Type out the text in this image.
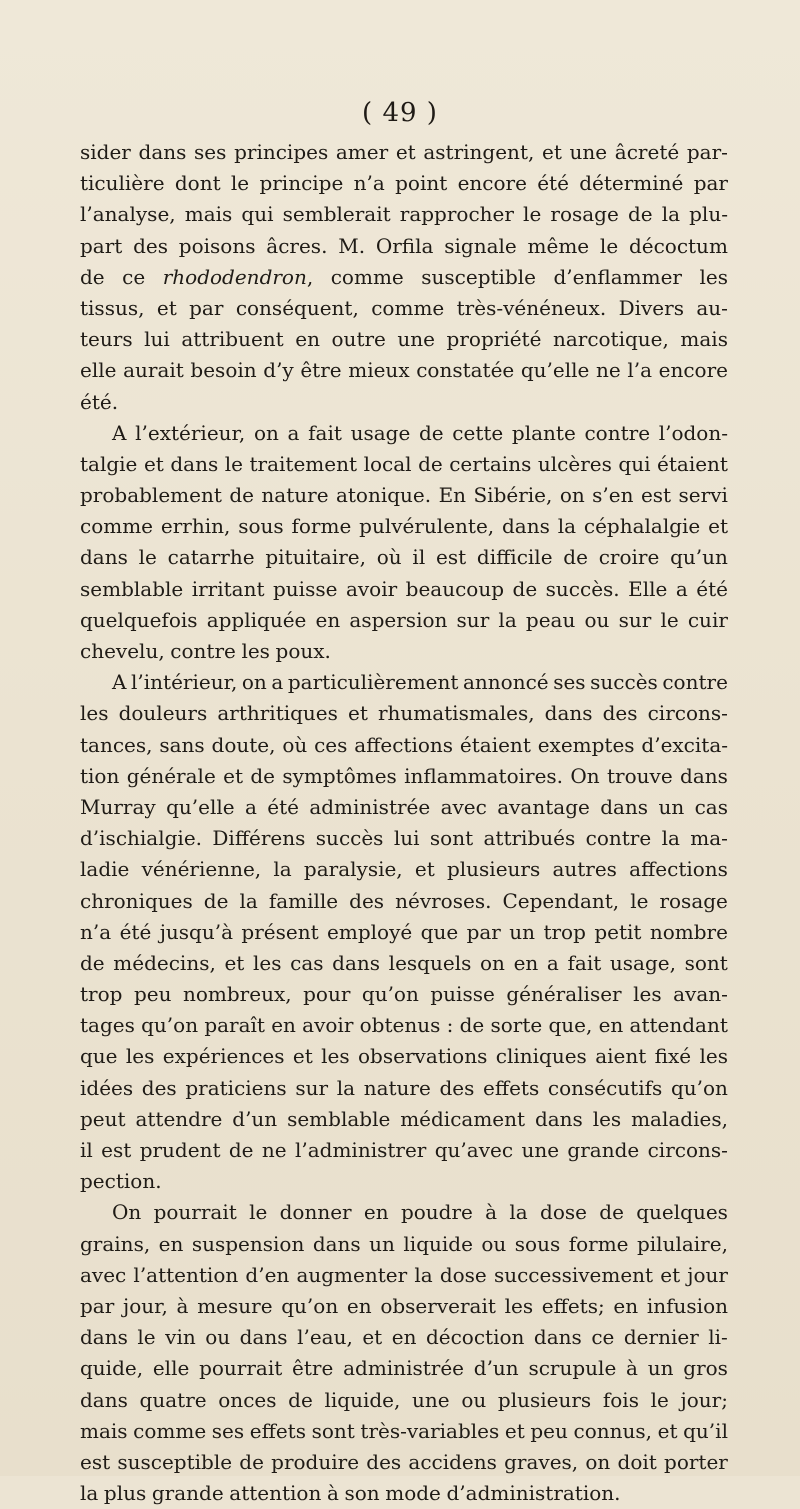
( 49 )
sider dans ses principes amer et astringent, et une âcreté par-
ticulière dont le principe n’a point encore été déterminé par
l’analyse, mais qui semblerait rapprocher le rosage de la plu-
part des poisons âcres. M. Orfila signale même le décoctum
de ce rhododendron, comme susceptible d’enflammer les
tissus, et par conséquent, comme très-vénéneux. Divers au-
teurs lui attribuent en outre une propriété narcotique, mais
elle aurait besoin d’y être mieux constatée qu’elle ne l’a encore
été.
A l’extérieur, on a fait usage de cette plante contre l’odon-
talgie et dans le traitement local de certains ulcères qui étaient
probablement de nature atonique. En Sibérie, on s’en est servi
comme errhin, sous forme pulvérulente, dans la céphalalgie et
dans le catarrhe pituitaire, où il est difficile de croire qu’un
semblable irritant puisse avoir beaucoup de succès. Elle a été
quelquefois appliquée en aspersion sur la peau ou sur le cuir
chevelu, contre les poux.
A l’intérieur, on a particulièrement annoncé ses succès contre
les douleurs arthritiques et rhumatismales, dans des circons-
tances, sans doute, où ces affections étaient exemptes d’excita-
tion générale et de symptômes inflammatoires. On trouve dans
Murray qu’elle a été administrée avec avantage dans un cas
d’ischialgie. Différens succès lui sont attribués contre la ma-
ladie vénérienne, la paralysie, et plusieurs autres affections
chroniques de la famille des névroses. Cependant, le rosage
n’a été jusqu’à présent employé que par un trop petit nombre
de médecins, et les cas dans lesquels on en a fait usage, sont
trop peu nombreux, pour qu’on puisse généraliser les avan-
tages qu’on paraît en avoir obtenus : de sorte que, en attendant
que les expériences et les observations cliniques aient fixé les
idées des praticiens sur la nature des effets consécutifs qu’on
peut attendre d’un semblable médicament dans les maladies,
il est prudent de ne l’administrer qu’avec une grande circons-
pection.
On pourrait le donner en poudre à la dose de quelques
grains, en suspension dans un liquide ou sous forme pilulaire,
avec l’attention d’en augmenter la dose successivement et jour
par jour, à mesure qu’on en observerait les effets; en infusion
dans le vin ou dans l’eau, et en décoction dans ce dernier li-
quide, elle pourrait être administrée d’un scrupule à un gros
dans quatre onces de liquide, une ou plusieurs fois le jour;
mais comme ses effets sont très-variables et peu connus, et qu’il
est susceptible de produire des accidens graves, on doit porter
la plus grande attention à son mode d’administration.
